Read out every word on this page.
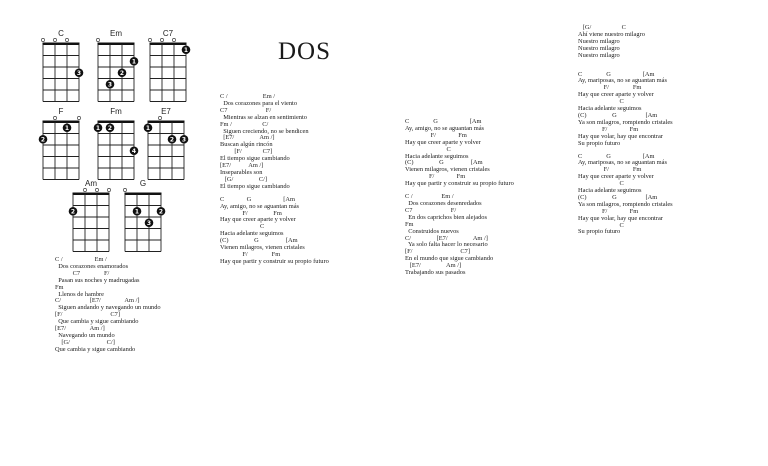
DOS
C
3
Em
1
2
3
C7
1
F
2
1
Fm
1 2
4
E7
1
2 3
Am
2
G
1
3
2
C /                    Em /
Dos corazones enamorados
C7               F/
Pasan sus noches y madrugadas
Fm
Llenos de hambre
C/                  [E7/               Am /]
Siguen andando y navegando un mundo
[F/                              C7]
Que cambia y sigue cambiando
[E7/               Am /]
Navegando un mundo
[G/                       C/]
Que cambia y sigue cambiando
C /                      Em /
Dos corazones para el viento
C7                        F/
Mientras se alzan en sentimiento
Fm /                   C/
Siguen creciendo, no se bendicen
[E7/                Am /]
Buscan algún rincón
[F/             C7]
El tiempo sigue cambiando
[E7/           Am /]
Inseparables son
[G/                C/]
El tiempo sigue cambiando
C              G                    [Am
Ay, amigo, no se aguantan más
F/                Fm
Hay que creer aparte y volver
C
Hacia adelante seguimos
(C)                G                 [Am
Vienen milagros, vienen cristales
F/               Fm
Hay que partir y construir su propio futuro
C               G                    [Am
Ay, amigo, no se aguantan más
F/              Fm
Hay que creer aparte y volver
C
Hacia adelante seguimos
(C)                G                 [Am
Vienen milagros, vienen cristales
F/              Fm
Hay que partir y construir su propio futuro
C /                  Em /
Dos corazones desenredados
C7                        F/
En dos caprichos bien alejados
Fm
Construidos nuevos
C/                [E7/                Am /]
Ya solo falta hacer lo necesario
[F/                              C7]
En el mundo que sigue cambiando
[E7/                Am /]
Trabajando sus pasados
[G/                   C
Ahí viene nuestro milagro
Nuestro milagro
Nuestro milagro
Nuestro milagro
C               G                    [Am
Ay, mariposas, no se aguantan más
F/               Fm
Hay que creer aparte y volver
C
Hacia adelante seguimos
(C)                G                  [Am
Ya son milagros, rompiendo cristales
F/              Fm
Hay que volar, hay que encontrar
Su propio futuro
C               G                    [Am
Ay, mariposas, no se aguantan más
F/               Fm
Hay que creer aparte y volver
C
Hacia adelante seguimos
(C)                G                  [Am
Ya son milagros, rompiendo cristales
F/              Fm
Hay que volar, hay que encontrar
C
Su propio futuro
